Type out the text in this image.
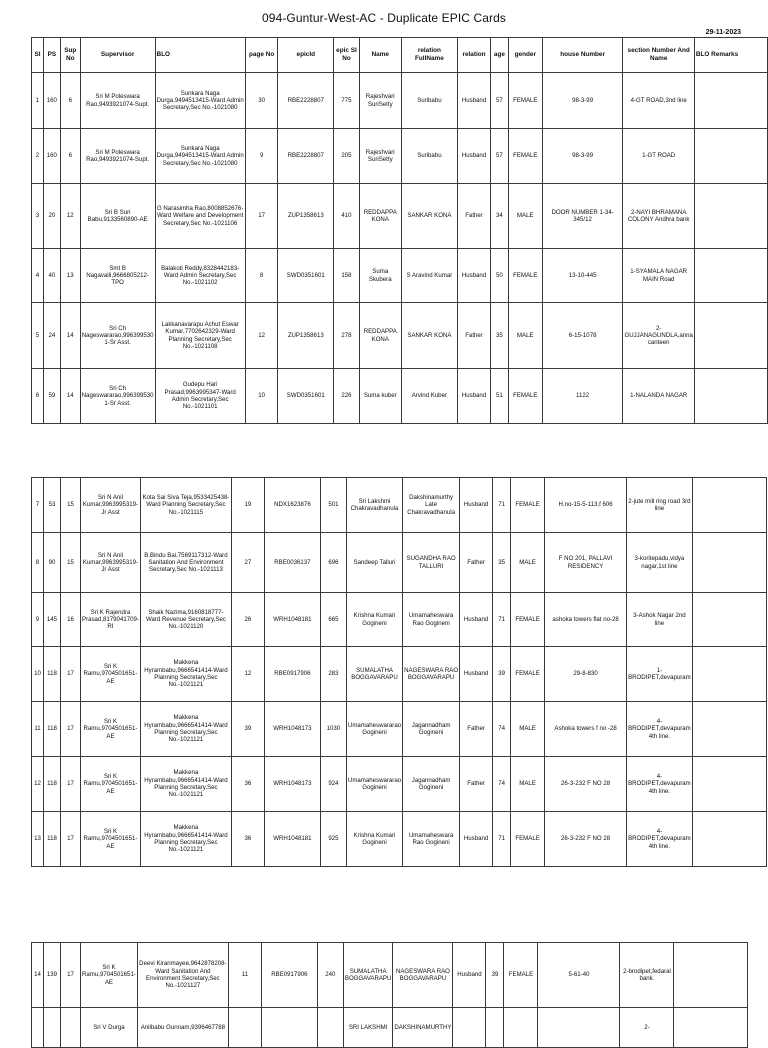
094-Guntur-West-AC - Duplicate EPIC Cards
29-11-2023
Sl	PS	Sup No	Supervisor	BLO	page No	epicId	epic Sl No	Name	relation FullName	relation	age	gender	house Number	section Number And Name	BLO Remarks
1	160	6	Sri M Poleswara Rao,9493921074-Supt.	Sunkara Naga Durga,9494513415-Ward Admin Secretary,Sec No.-1021080	30	RBE2228807	775	Rajeshvari SuriSetty	Suribabu	Husband	57	FEMALE	98-3-99	4-GT ROAD,3nd line	
2	160	6	Sri M Poleswara Rao,9493921074-Supt.	Sunkara Naga Durga,9494513415-Ward Admin Secretary,Sec No.-1021080	9	RBE2228807	205	Rajeshvari SuriSetty	Suribabu	Husband	57	FEMALE	98-3-99	1-GT ROAD	
3	20	12	Sri B Suri Babu,9133560890-AE	G Narasimha Rao,8008852676-Ward Welfare and Development Secretary,Sec No.-1021106	17	ZUP1358613	410	REDDAPPA KONA	SANKAR KONA	Father	34	MALE	DOOR NUMBER 1-34-345/12	2-NAYI BHRAMANA COLONY Andhra bank	
4	40	13	Smt B Nagavalli,9666805212-TPO	Balakoti Reddy,8328442183-Ward Admin Secretary,Sec No.-1021102	8	SWD0351601	158	Suma Skubera	S Aravind Kumar	Husband	50	FEMALE	13-10-445	1-SYAMALA NAGAR MAIN Road	
5	24	14	Sri Ch Nageswararao,996399530 1-Sr Asst.	Lakkanavarapu Achut Eswar Kumar,7702642329-Ward Planning Secretary,Sec No.-1021108	12	ZUP1358613	278	REDDAPPA KONA	SANKAR KONA	Father	35	MALE	6-15-1078	2-GUJJANAGUNDLA,anna canteen	
6	59	14	Sri Ch Nageswararao,996399530 1-Sr Asst.	Gudepu Hari Prasad,9963995347-Ward Admin Secretary,Sec No.-1021101	10	SWD0351601	226	Suma kuber	Arvind Kuber	Husband	51	FEMALE	1122	1-NALANDA NAGAR	
7	53	15	Sri N Anil Kumar,9963995319-Jr Asst	Kota Sai Siva Teja,9533425438-Ward Planning Secretary,Sec No.-1021115	19	NDX1623876	501	Sri Lakshmi Chakravadhanula	Dakshinamurthy Late Chakravadhanula	Husband	71	FEMALE	H.no-15-5-113,f 606	2-jute mill ring road 3rd line	
8	90	15	Sri N Anil Kumar,9963995319-Jr Asst	B.Bindu Bai,7569117312-Ward Sanitation And Environment Secretary,Sec No.-1021113	27	RBE0036137	696	Sandeep Talluri	SUGANDHA RAO TALLURI	Father	35	MALE	F NO 201, PALLAVI RESIDENCY	3-koritepadu,vidya nagar,1st line	
9	145	16	Sri K Rajendra Prasad,8179041709-RI	Shaik Nazima,9160818777-Ward Revenue Secretary,Sec No.-1021120	26	WRH1048181	665	Krishna Kumari Gogineni	Umamaheswara Rao Gogineni	Husband	71	FEMALE	ashoka towers flat no-28	3-Ashok Nagar 2nd line	
10	118	17	Sri K Ramu,9704501651-AE	Makkena Hyrambabu,9666541414-Ward Planning Secretary,Sec No.-1021121	12	RBE0917906	283	SUMALATHA BOGGAVARAPU	NAGESWARA RAO BOGGAVARAPU	Husband	39	FEMALE	29-8-830	1-BRODIPET,devapuram	
11	118	17	Sri K Ramu,9704501651-AE	Makkena Hyrambabu,9666541414-Ward Planning Secretary,Sec No.-1021121	39	WRH1048173	1030	Umamaheswararao Gogineni	Jagannadham Gogineni	Father	74	MALE	Ashoka towers f no -28	4-BRODIPET,devapuram 4th line.	
12	118	17	Sri K Ramu,9704501651-AE	Makkena Hyrambabu,9666541414-Ward Planning Secretary,Sec No.-1021121	36	WRH1048173	924	Umamaheswararao Gogineni	Jagannadham Gogineni	Father	74	MALE	26-3-232 F NO 28	4-BRODIPET,devapuram 4th line.	
13	118	17	Sri K Ramu,9704501651-AE	Makkena Hyrambabu,9666541414-Ward Planning Secretary,Sec No.-1021121	36	WRH1048181	925	Krishna Kumari Gogineni	Umamaheswara Rao Gogineni	Husband	71	FEMALE	26-3-232 F NO 28	4-BRODIPET,devapuram 4th line.	
14	139	17	Sri K Ramu,9704501651-AE	Deevi Kiranmayee,9642878208-Ward Sanitation And Environment Secretary,Sec No.-1021127	11	RBE0917906	240	SUMALATHA BOGGAVARAPU	NAGESWARA RAO BOGGAVARAPU	Husband	39	FEMALE	5-61-40	2-brodipet,fedaral bank.	
			Sri V Durga	Anilbabu Gunnam,9396467788				SRI LAKSHMI	DAKSHINAMURTHY					2-	
